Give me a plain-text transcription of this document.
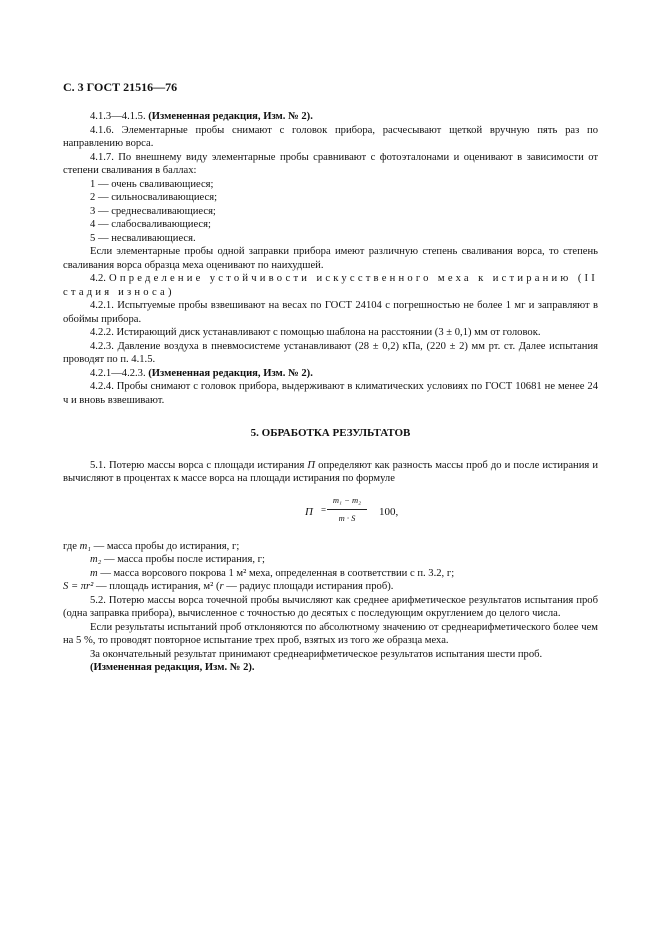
С. 3 ГОСТ 21516—76

4.1.3—4.1.5. (Измененная редакция, Изм. № 2).

4.1.6. Элементарные пробы снимают с головок прибора, расчесывают щеткой вручную пять раз по направлению ворса.

4.1.7. По внешнему виду элементарные пробы сравнивают с фотоэталонами и оценивают в зависимости от степени сваливания в баллах:

1 — очень сваливающиеся;

2 — сильносваливающиеся;

3 — среднесваливающиеся;

4 — слабосваливающиеся;

5 — несваливающиеся.

Если элементарные пробы одной заправки прибора имеют различную степень сваливания ворса, то степень сваливания ворса образца меха оценивают по наихудшей.

4.2. Определение устойчивости искусственного меха к истиранию (II стадия износа)

4.2.1. Испытуемые пробы взвешивают на весах по ГОСТ 24104 с погрешностью не более 1 мг и заправляют в обоймы прибора.

4.2.2. Истирающий диск устанавливают с помощью шаблона на расстоянии (3 ± 0,1) мм от головок.

4.2.3. Давление воздуха в пневмосистеме устанавливают (28 ± 0,2) кПа, (220 ± 2) мм рт. ст. Далее испытания проводят по п. 4.1.5.

4.2.1—4.2.3. (Измененная редакция, Изм. № 2).

4.2.4. Пробы снимают с головок прибора, выдерживают в климатических условиях по ГОСТ 10681 не менее 24 ч и вновь взвешивают.

5. ОБРАБОТКА РЕЗУЛЬТАТОВ

5.1. Потерю массы ворса с площади истирания П определяют как разность массы проб до и после истирания и вычисляют в процентах к массе ворса на площади истирания по формуле

$П = \frac{\text{m₁ − m₂}}{m \cdot S} 100$,

где m₁ — масса пробы до истирания, г;

m₂ — масса пробы после истирания, г;

m — масса ворсового покрова 1 м² меха, определенная в соответствии с п. 3.2, г;

S = πr² — площадь истирания, м² (r — радиус площади истирания проб).

5.2. Потерю массы ворса точечной пробы вычисляют как среднее арифметическое результатов испытания проб (одна заправка прибора), вычисленное с точностью до десятых с последующим округлением до целого числа.

Если результаты испытаний проб отклоняются по абсолютному значению от среднеарифметического более чем на 5 %, то проводят повторное испытание трех проб, взятых из того же образца меха.

За окончательный результат принимают среднеарифметическое результатов испытания шести проб.

(Измененная редакция, Изм. № 2).
